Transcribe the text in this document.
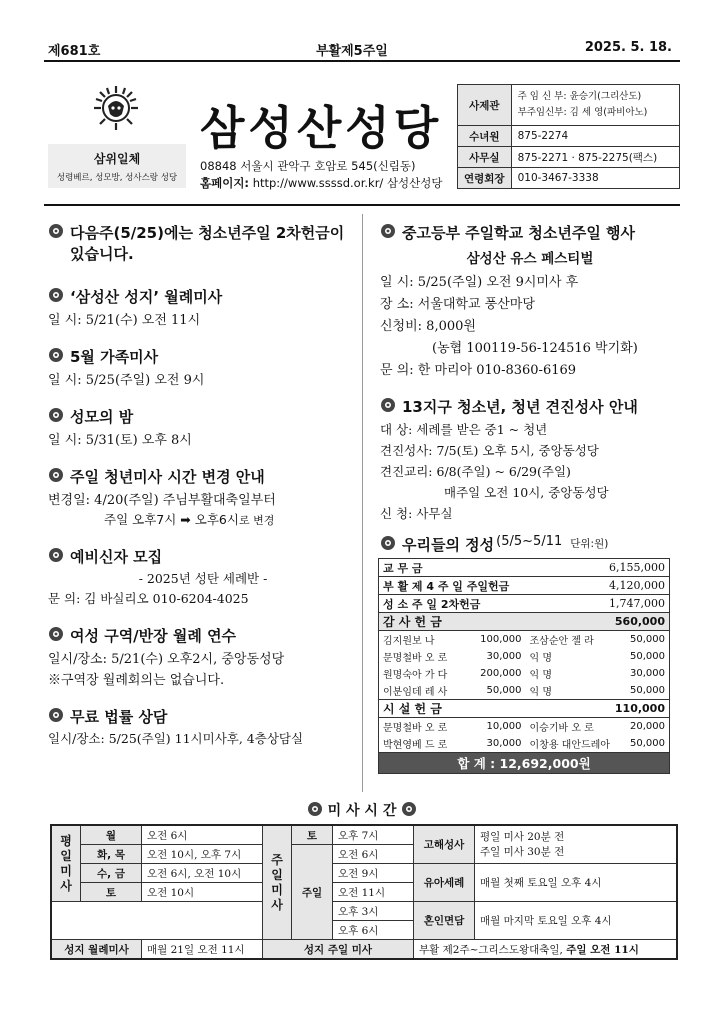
제681호	부활제5주일	2025. 5. 18.
삼위일체
성령베르, 성모방, 성사스랑 성당
삼성산성당
08848 서울시 관악구 호암로 545(신림동)
홈페이지: http://www.ssssd.or.kr/ 삼성산성당
사제관	주 임 신 부: 윤승기(그리산도)
부주임신부: 김 세 영(파비아노)

수녀원	875-2274
사무실	875-2271 · 875-2275(팩스)
연령회장	010-3467-3338
다음주(5/25)에는 청소년주일 2차헌금이
있습니다.
‘삼성산 성지’ 월례미사
일 시: 5/21(수) 오전 11시
5월 가족미사
일 시: 5/25(주일) 오전 9시
성모의 밤
일 시: 5/31(토) 오후 8시
주일 청년미사 시간 변경 안내
변경일: 4/20(주일) 주님부활대축일부터
주일 오후7시 ➡ 오후6시로 변경
예비신자 모집
- 2025년 성탄 세례반 -
문 의: 김 바실리오 010-6204-4025
여성 구역/반장 월례 연수
일시/장소: 5/21(수) 오후2시, 중앙동성당
※구역장 월례회의는 없습니다.
무료 법률 상담
일시/장소: 5/25(주일) 11시미사후, 4층상담실
중고등부 주일학교 청소년주일 행사
삼성산 유스 페스티벌
일 시: 5/25(주일) 오전 9시미사 후
장 소: 서울대학교 풍산마당
신청비: 8,000원
(농협 100119-56-124516 박기화)
문 의: 한 마리아 010-8360-6169
13지구 청소년, 청년 견진성사 안내
대 상: 세례를 받은 중1 ~ 청년
견진성사: 7/5(토) 오후 5시, 중앙동성당
견진교리: 6/8(주일) ~ 6/29(주일)
매주일 오전 10시, 중앙동성당
신 청: 사무실
우리들의 정성 (5/5~5/11 단위:원)
교 무 금		6,155,000	
부 활 제 4 주 일 주일헌금		4,120,000	
성 소 주 일 2차헌금		1,747,000	
감 사 헌 금		560,000	
김지원보 나	100,000	조삼순안 젤 라	50,000
문명철바 오 로	30,000	익 명	50,000
원명숙아 가 다	200,000	익 명	30,000
이분임데 레 사	50,000	익 명	50,000
시 설 헌 금		110,000	
문명철바 오 로	10,000	이승기바 오 로	20,000
박현영베 드 로	30,000	이창용 대안드레아	50,000
합 계 : 12,692,000원			
미 사 시 간
평일미사	월	오전 6시	주일미사	토	오후 7시	고해성사	평일 미사 20분 전
주일 미사 30분 전

	화, 목	오전 10시, 오후 7시		주일	오전 6시		
	수, 금	오전 6시, 오전 10시			오전 9시	유아세례	매월 첫째 토요일 오후 4시
	토	오전 10시			오전 11시		
					오후 3시	혼인면담	매월 마지막 토요일 오후 4시
					오후 6시		
성지 월례미사		매월 21일 오전 11시	성지 주일 미사			부활 제2주~그리스도왕대축일, 주일 오전 11시	
